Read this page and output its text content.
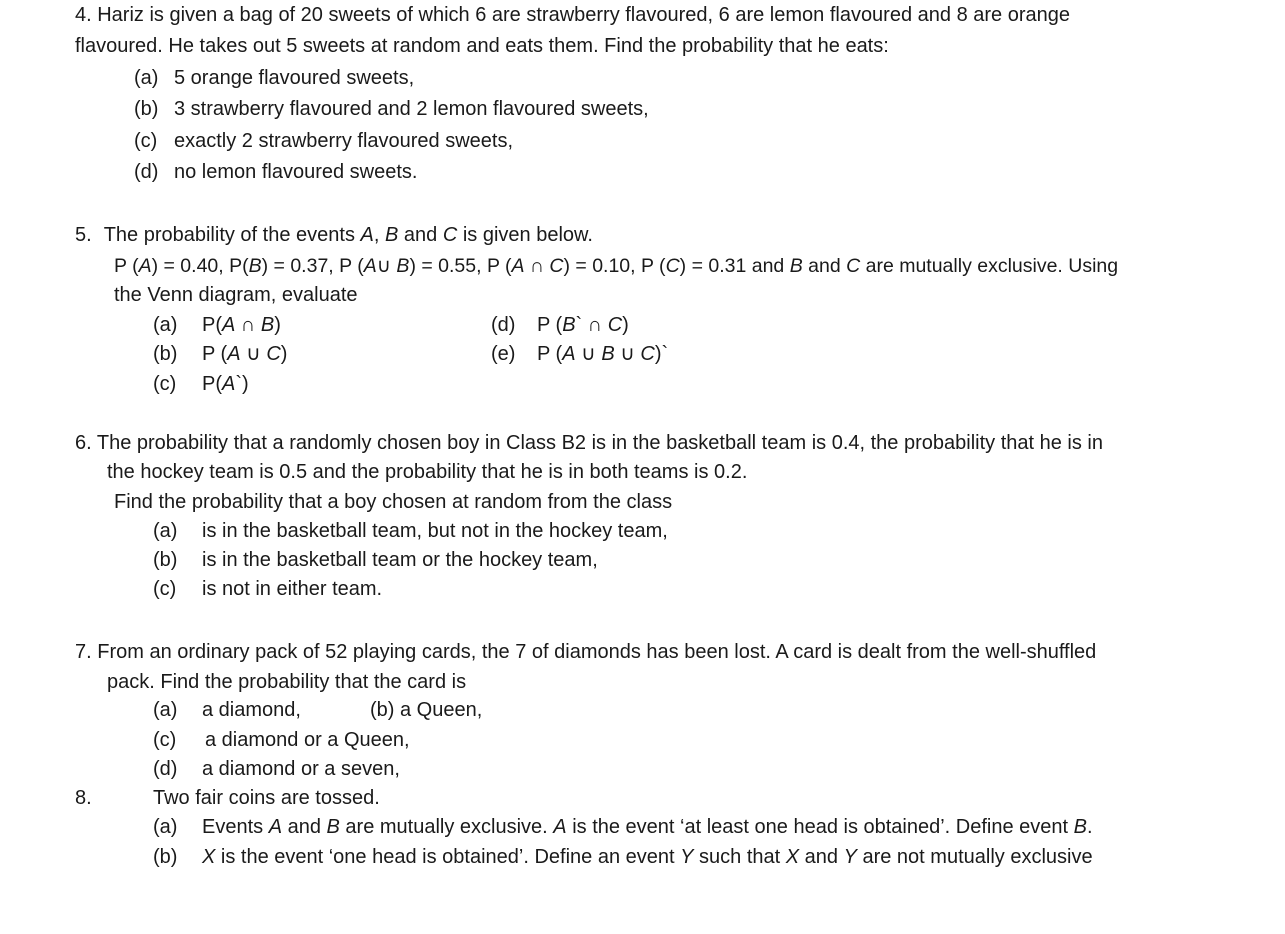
4. Hariz is given a bag of 20 sweets of which 6 are strawberry flavoured, 6 are lemon flavoured and 8 are orange
flavoured. He takes out 5 sweets at random and eats them. Find the probability that he eats:
(a) 5 orange flavoured sweets,
(b) 3 strawberry flavoured and 2 lemon flavoured sweets,
(c) exactly 2 strawberry flavoured sweets,
(d) no lemon flavoured sweets.
5. The probability of the events A, B and C is given below.
P (A) = 0.40, P(B) = 0.37, P (A∪ B) = 0.55, P (A ∩ C) = 0.10, P (C) = 0.31 and B and C are mutually exclusive. Using
the Venn diagram, evaluate
(a) P(A ∩ B)
(b) P (A ∪ C)
(c) P(A`)
(d) P (B` ∩ C)
(e) P (A ∪ B ∪ C)`
6. The probability that a randomly chosen boy in Class B2 is in the basketball team is 0.4, the probability that he is in
the hockey team is 0.5 and the probability that he is in both teams is 0.2.
Find the probability that a boy chosen at random from the class
(a) is in the basketball team, but not in the hockey team,
(b) is in the basketball team or the hockey team,
(c) is not in either team.
7. From an ordinary pack of 52 playing cards, the 7 of diamonds has been lost. A card is dealt from the well-shuffled
pack. Find the probability that the card is
(a) a diamond,	(b) a Queen,
(c) a diamond or a Queen,
(d) a diamond or a seven,
8.	Two fair coins are tossed.
(a) Events A and B are mutually exclusive. A is the event ‘at least one head is obtained’. Define event B.
(b) X is the event ‘one head is obtained’. Define an event Y such that X and Y are not mutually exclusive
